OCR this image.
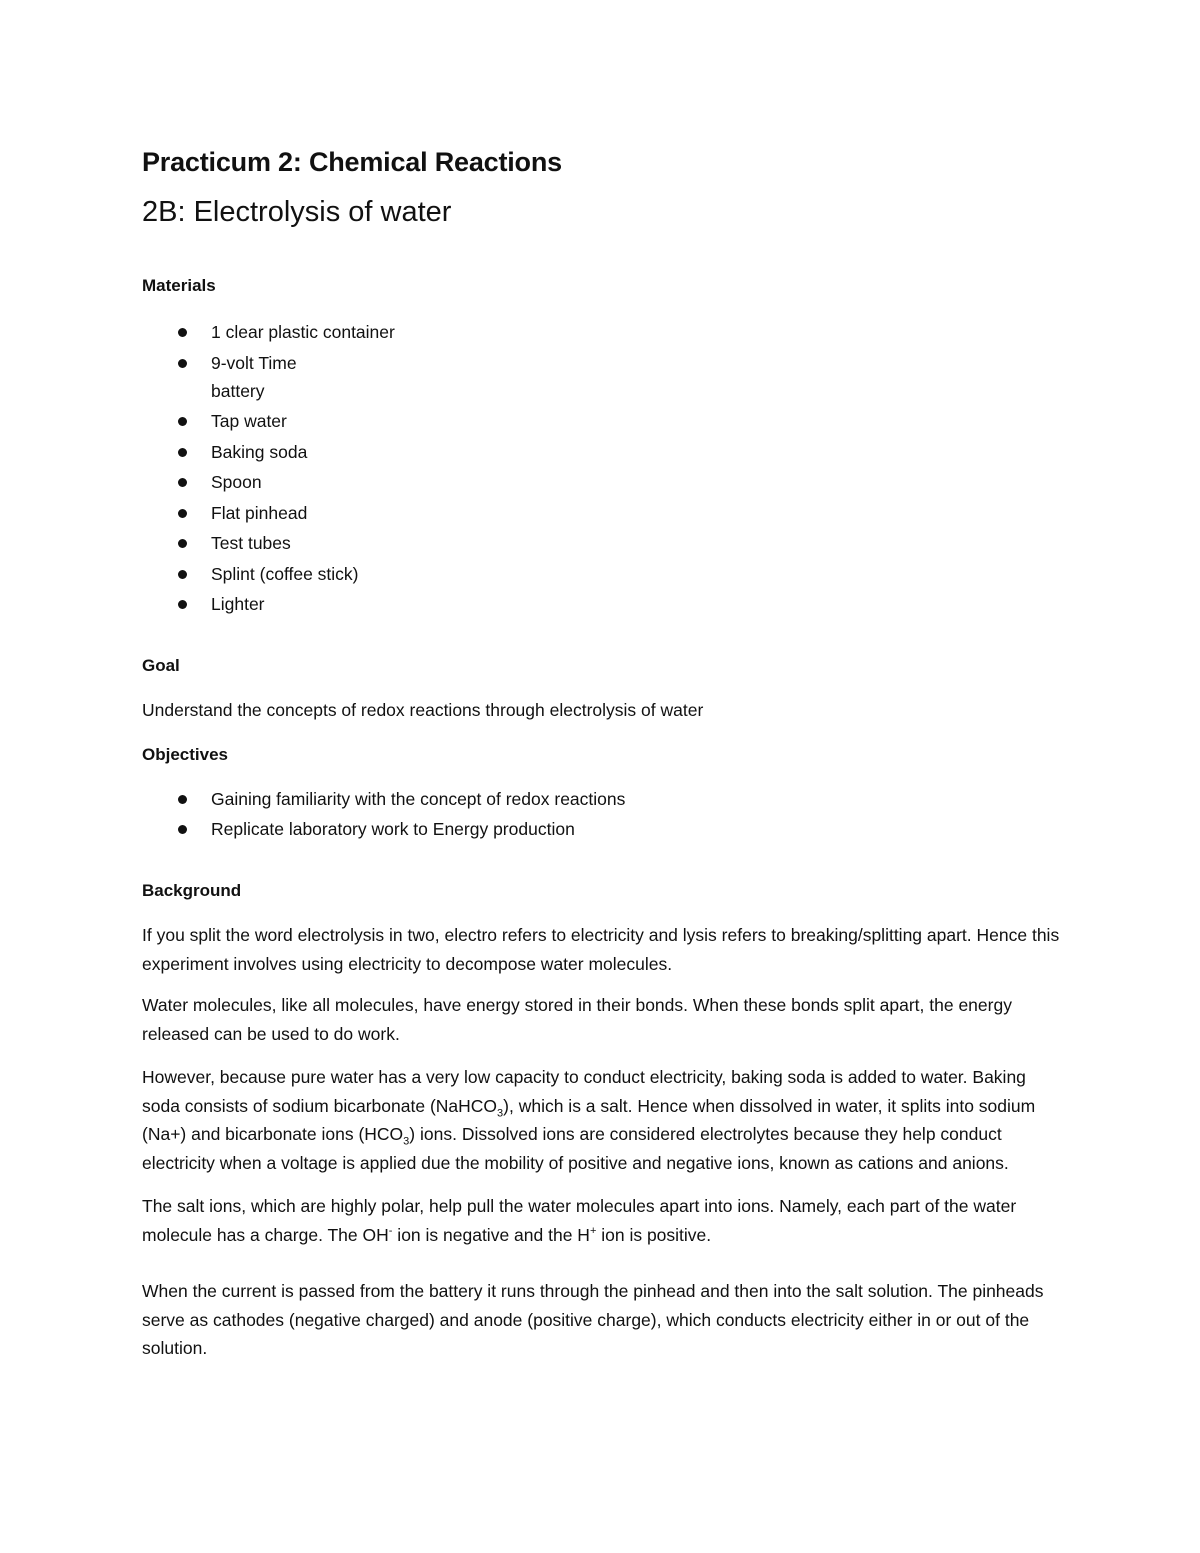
Practicum 2: Chemical Reactions
2B: Electrolysis of water
Materials
1 clear plastic container
9-volt Time battery
Tap water
Baking soda
Spoon
Flat pinhead
Test tubes
Splint (coffee stick)
Lighter
Goal

Understand the concepts of redox reactions through electrolysis of water

Objectives
Gaining familiarity with the concept of redox reactions
Replicate laboratory work to Energy production
Background

If you split the word electrolysis in two, electro refers to electricity and lysis refers to breaking/splitting apart. Hence this experiment involves using electricity to decompose water molecules.

Water molecules, like all molecules, have energy stored in their bonds. When these bonds split apart, the energy released can be used to do work.

However, because pure water has a very low capacity to conduct electricity, baking soda is added to water. Baking soda consists of sodium bicarbonate (NaHCO$_3$), which is a salt. Hence when dissolved in water, it splits into sodium (Na+) and bicarbonate ions $(HCO_3)$ ions. Dissolved ions are considered electrolytes because they help conduct electricity when a voltage is applied due the mobility of positive and negative ions, known as cations and anions.

The salt ions, which are highly polar, help pull the water molecules apart into ions. Namely, each part of the water molecule has a charge. The OH- ion is negative and the H+ ion is positive.

When the current is passed from the battery it runs through the pinhead and then into the salt solution. The pinheads serve as cathodes (negative charged) and anode (positive charge), which conducts electricity either in or out of the solution.
